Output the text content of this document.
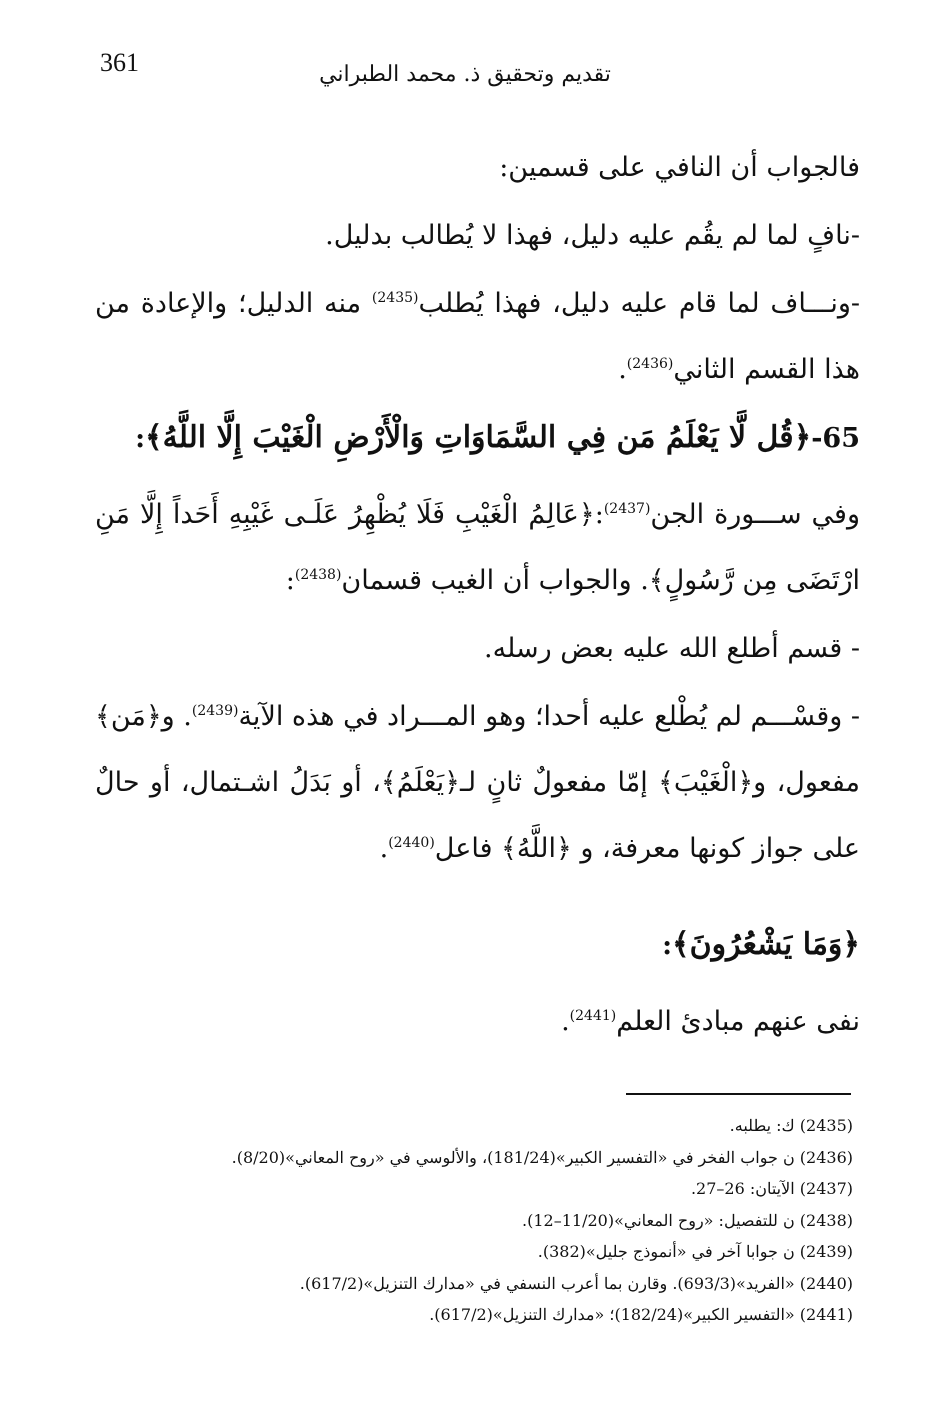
361	تقديم وتحقيق ذ. محمد الطبراني

فالجواب أن النافي على قسمين:

-نافٍ لما لم يقُم عليه دليل، فهذا لا يُطالب بدليل.

-ونـــاف لما قام عليه دليل، فهذا يُطلب$^{(2435)}$ منه الدليل؛ والإعادة من هذا القسم الثاني$^{(2436)}$.

65-﴿قُل لَّا يَعْلَمُ مَن فِي السَّمَاوَاتِ وَالْأَرْضِ الْغَيْبَ إِلَّا اللَّهُ﴾:

وفي ســـورة الجن$^{(2437)}$:﴿عَالِمُ الْغَيْبِ فَلَا يُظْهِرُ عَلَـى غَيْبِهِ أَحَداً إِلَّا مَنِ ارْتَضَى مِن رَّسُولٍ﴾. والجواب أن الغيب قسمان$^{(2438)}$:

- قسم أطلع الله عليه بعض رسله.

- وقسْـــم لم يُطْلع عليه أحدا؛ وهو المـــراد في هذه الآية$^{(2439)}$. و﴿مَن﴾ مفعول، و﴿الْغَيْبَ﴾ إمّا مفعولٌ ثانٍ لـ﴿يَعْلَمُ﴾، أو بَدَلُ اشـتمال، أو حالٌ على جواز كونها معرفة، و ﴿اللَّهُ﴾ فاعل$^{(2440)}$.

﴿وَمَا يَشْعُرُونَ﴾:

نفى عنهم مبادئ العلم$^{(2441)}$.

(2435) ك: يطلبه.

(2436) ن جواب الفخر في «التفسير الكبير»(181/24)، والألوسي في «روح المعاني»(8/20).

(2437) الآيتان: 26–27.

(2438) ن للتفصيل: «روح المعاني»(11/20–12).

(2439) ن جوابا آخر في «أنموذج جليل»(382).

(2440) «الفريد»(693/3). وقارن بما أعرب النسفي في «مدارك التنزيل»(617/2).

(2441) «التفسير الكبير»(182/24)؛ «مدارك التنزيل»(617/2).
